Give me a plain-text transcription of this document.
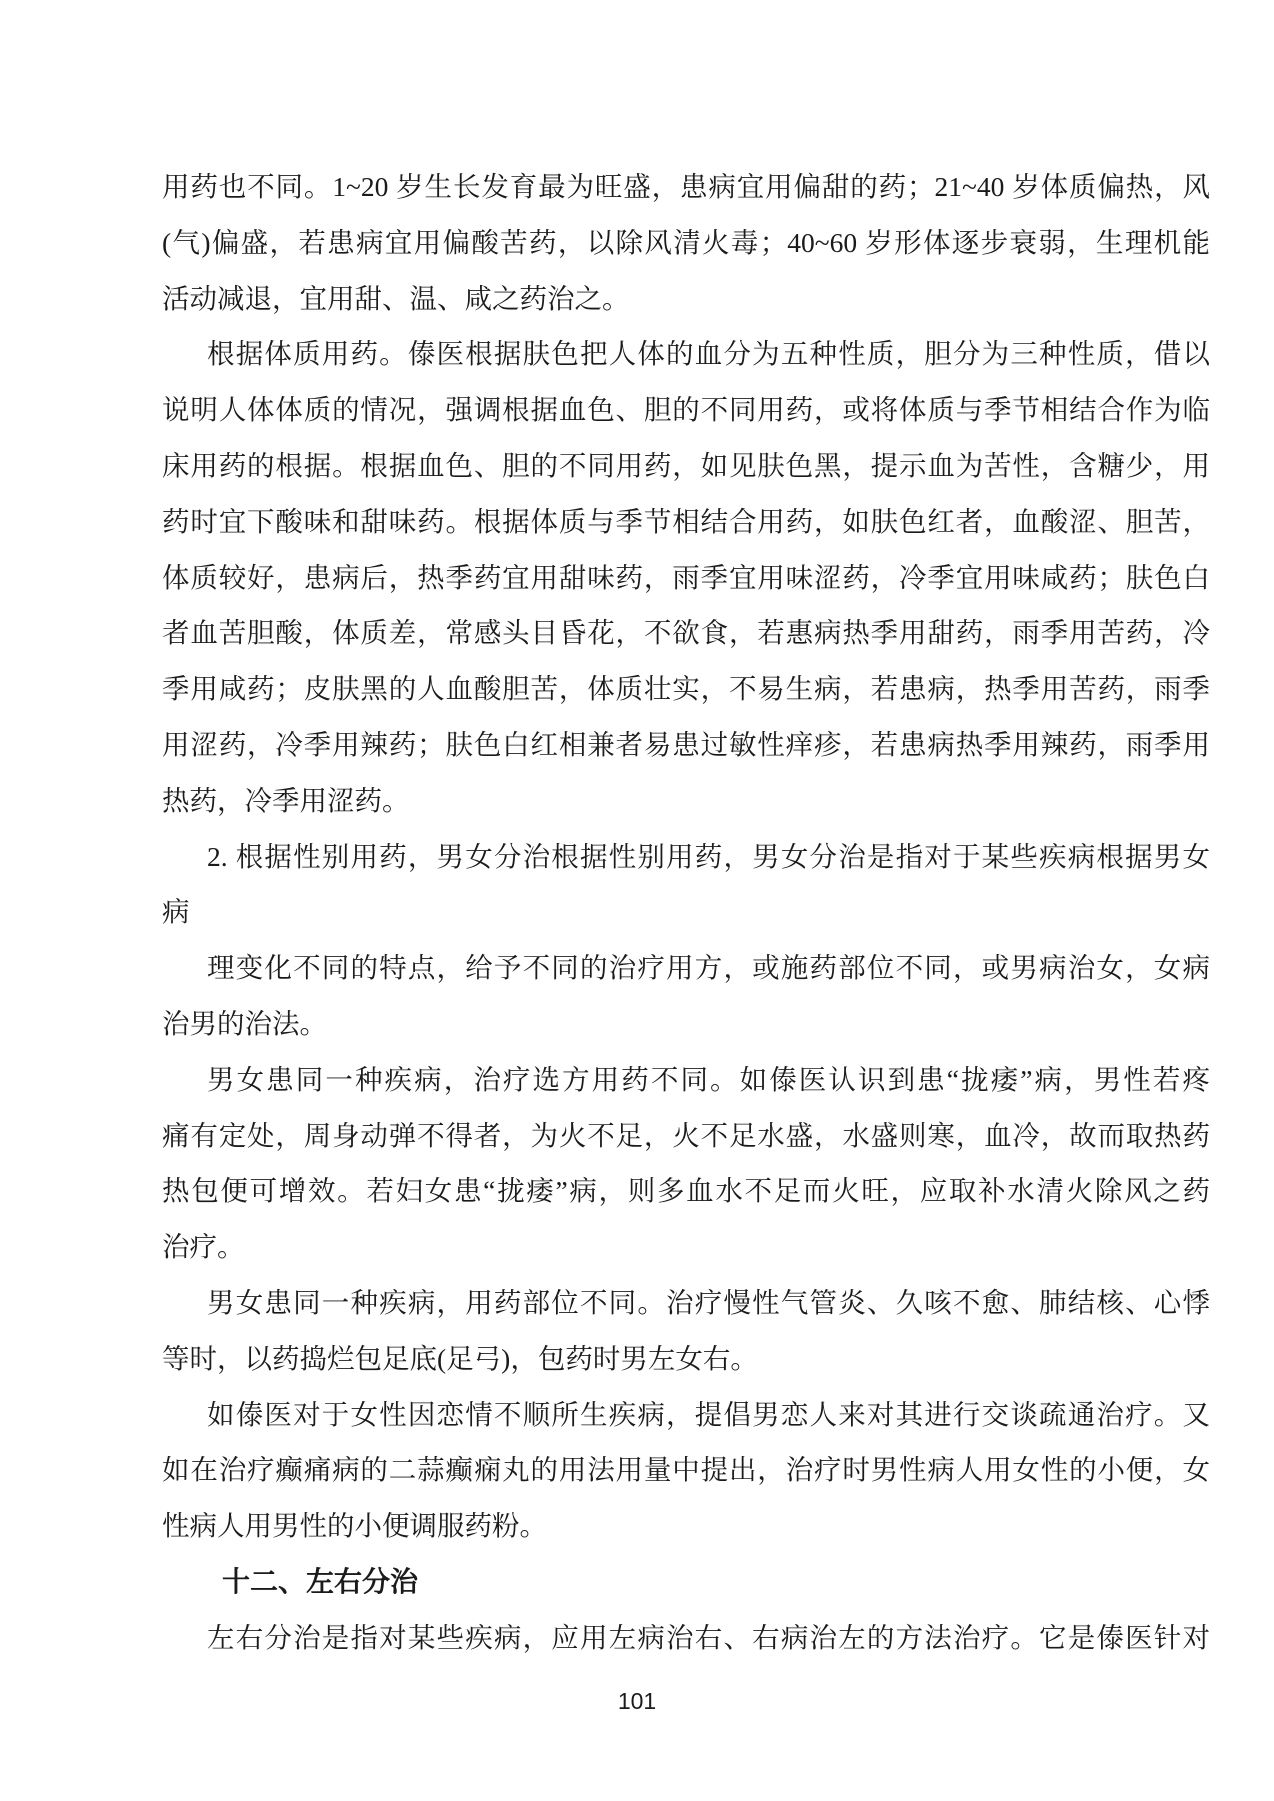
用药也不同。1~20 岁生长发育最为旺盛，患病宜用偏甜的药；21~40 岁体质偏热，风
(气)偏盛，若患病宜用偏酸苦药，以除风清火毒；40~60 岁形体逐步衰弱，生理机能
活动减退，宜用甜、温、咸之药治之。
根据体质用药。傣医根据肤色把人体的血分为五种性质，胆分为三种性质，借以
说明人体体质的情况，强调根据血色、胆的不同用药，或将体质与季节相结合作为临
床用药的根据。根据血色、胆的不同用药，如见肤色黑，提示血为苦性，含糖少，用
药时宜下酸味和甜味药。根据体质与季节相结合用药，如肤色红者，血酸涩、胆苦，
体质较好，患病后，热季药宜用甜味药，雨季宜用味涩药，冷季宜用味咸药；肤色白
者血苦胆酸，体质差，常感头目昏花，不欲食，若惠病热季用甜药，雨季用苦药，冷
季用咸药；皮肤黑的人血酸胆苦，体质壮实，不易生病，若患病，热季用苦药，雨季
用涩药，冷季用辣药；肤色白红相兼者易患过敏性痒疹，若患病热季用辣药，雨季用
热药，冷季用涩药。
2. 根据性别用药，男女分治根据性别用药，男女分治是指对于某些疾病根据男女
病
理变化不同的特点，给予不同的治疗用方，或施药部位不同，或男病治女，女病
治男的治法。
男女患同一种疾病，治疗选方用药不同。如傣医认识到患“拢痿”病，男性若疼
痛有定处，周身动弹不得者，为火不足，火不足水盛，水盛则寒，血冷，故而取热药
热包便可增效。若妇女患“拢痿”病，则多血水不足而火旺，应取补水清火除风之药
治疗。
男女患同一种疾病，用药部位不同。治疗慢性气管炎、久咳不愈、肺结核、心悸
等时，以药捣烂包足底(足弓)，包药时男左女右。
如傣医对于女性因恋情不顺所生疾病，提倡男恋人来对其进行交谈疏通治疗。又
如在治疗癫痛病的二蒜癫痫丸的用法用量中提出，治疗时男性病人用女性的小便，女
性病人用男性的小便调服药粉。
十二、左右分治
左右分治是指对某些疾病，应用左病治右、右病治左的方法治疗。它是傣医针对
101
